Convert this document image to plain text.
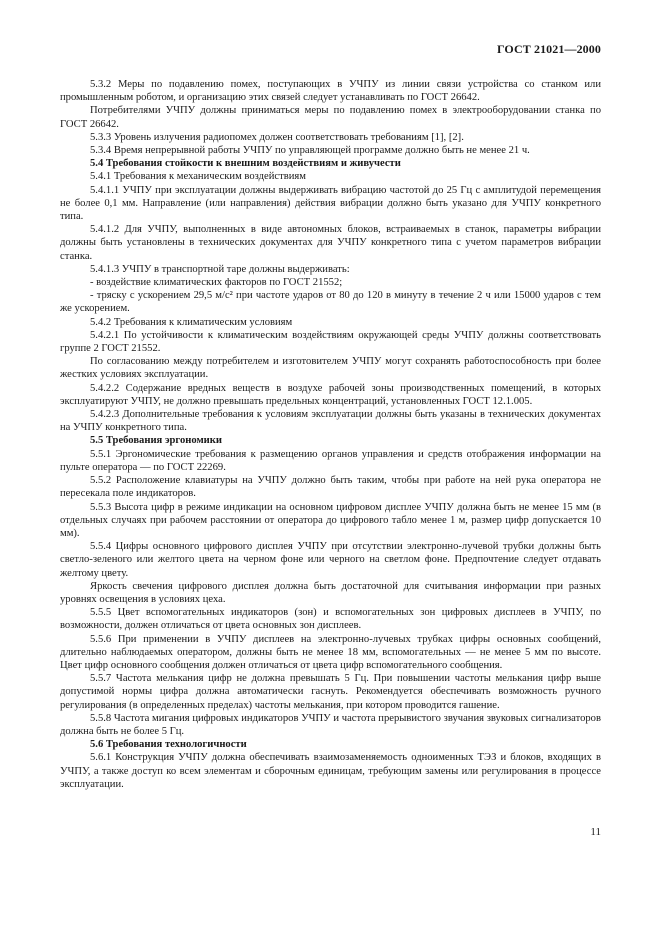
ГОСТ 21021—2000

5.3.2 Меры по подавлению помех, поступающих в УЧПУ из линии связи устройства со станком или промышленным роботом, и организацию этих связей следует устанавливать по ГОСТ 26642.

Потребителями УЧПУ должны приниматься меры по подавлению помех в электрооборудовании станка по ГОСТ 26642.

5.3.3 Уровень излучения радиопомех должен соответствовать требованиям [1], [2].

5.3.4 Время непрерывной работы УЧПУ по управляющей программе должно быть не менее 21 ч.

5.4 Требования стойкости к внешним воздействиям и живучести

5.4.1 Требования к механическим воздействиям

5.4.1.1 УЧПУ при эксплуатации должны выдерживать вибрацию частотой до 25 Гц с амплитудой перемещения не более 0,1 мм. Направление (или направления) действия вибрации должно быть указано для УЧПУ конкретного типа.

5.4.1.2 Для УЧПУ, выполненных в виде автономных блоков, встраиваемых в станок, параметры вибрации должны быть установлены в технических документах для УЧПУ конкретного типа с учетом параметров вибрации станка.

5.4.1.3 УЧПУ в транспортной таре должны выдерживать:

- воздействие климатических факторов по ГОСТ 21552;

- тряску с ускорением 29,5 м/с² при частоте ударов от 80 до 120 в минуту в течение 2 ч или 15000 ударов с тем же ускорением.

5.4.2 Требования к климатическим условиям

5.4.2.1 По устойчивости к климатическим воздействиям окружающей среды УЧПУ должны соответствовать группе 2 ГОСТ 21552.

По согласованию между потребителем и изготовителем УЧПУ могут сохранять работоспособность при более жестких условиях эксплуатации.

5.4.2.2 Содержание вредных веществ в воздухе рабочей зоны производственных помещений, в которых эксплуатируют УЧПУ, не должно превышать предельных концентраций, установленных ГОСТ 12.1.005.

5.4.2.3 Дополнительные требования к условиям эксплуатации должны быть указаны в технических документах на УЧПУ конкретного типа.

5.5 Требования эргономики

5.5.1 Эргономические требования к размещению органов управления и средств отображения информации на пульте оператора — по ГОСТ 22269.

5.5.2 Расположение клавиатуры на УЧПУ должно быть таким, чтобы при работе на ней рука оператора не пересекала поле индикаторов.

5.5.3 Высота цифр в режиме индикации на основном цифровом дисплее УЧПУ должна быть не менее 15 мм (в отдельных случаях при рабочем расстоянии от оператора до цифрового табло менее 1 м, размер цифр допускается 10 мм).

5.5.4 Цифры основного цифрового дисплея УЧПУ при отсутствии электронно-лучевой трубки должны быть светло-зеленого или желтого цвета на черном фоне или черного на светлом фоне. Предпочтение следует отдавать желтому цвету.

Яркость свечения цифрового дисплея должна быть достаточной для считывания информации при разных уровнях освещения в условиях цеха.

5.5.5 Цвет вспомогательных индикаторов (зон) и вспомогательных зон цифровых дисплеев в УЧПУ, по возможности, должен отличаться от цвета основных зон дисплеев.

5.5.6 При применении в УЧПУ дисплеев на электронно-лучевых трубках цифры основных сообщений, длительно наблюдаемых оператором, должны быть не менее 18 мм, вспомогательных — не менее 5 мм по высоте. Цвет цифр основного сообщения должен отличаться от цвета цифр вспомогательного сообщения.

5.5.7 Частота мелькания цифр не должна превышать 5 Гц. При повышении частоты мелькания цифр выше допустимой нормы цифра должна автоматически гаснуть. Рекомендуется обеспечивать возможность ручного регулирования (в определенных пределах) частоты мелькания, при котором проводится гашение.

5.5.8 Частота мигания цифровых индикаторов УЧПУ и частота прерывистого звучания звуковых сигнализаторов должна быть не более 5 Гц.

5.6 Требования технологичности

5.6.1 Конструкция УЧПУ должна обеспечивать взаимозаменяемость одноименных ТЭЗ и блоков, входящих в УЧПУ, а также доступ ко всем элементам и сборочным единицам, требующим замены или регулирования в процессе эксплуатации.

11
